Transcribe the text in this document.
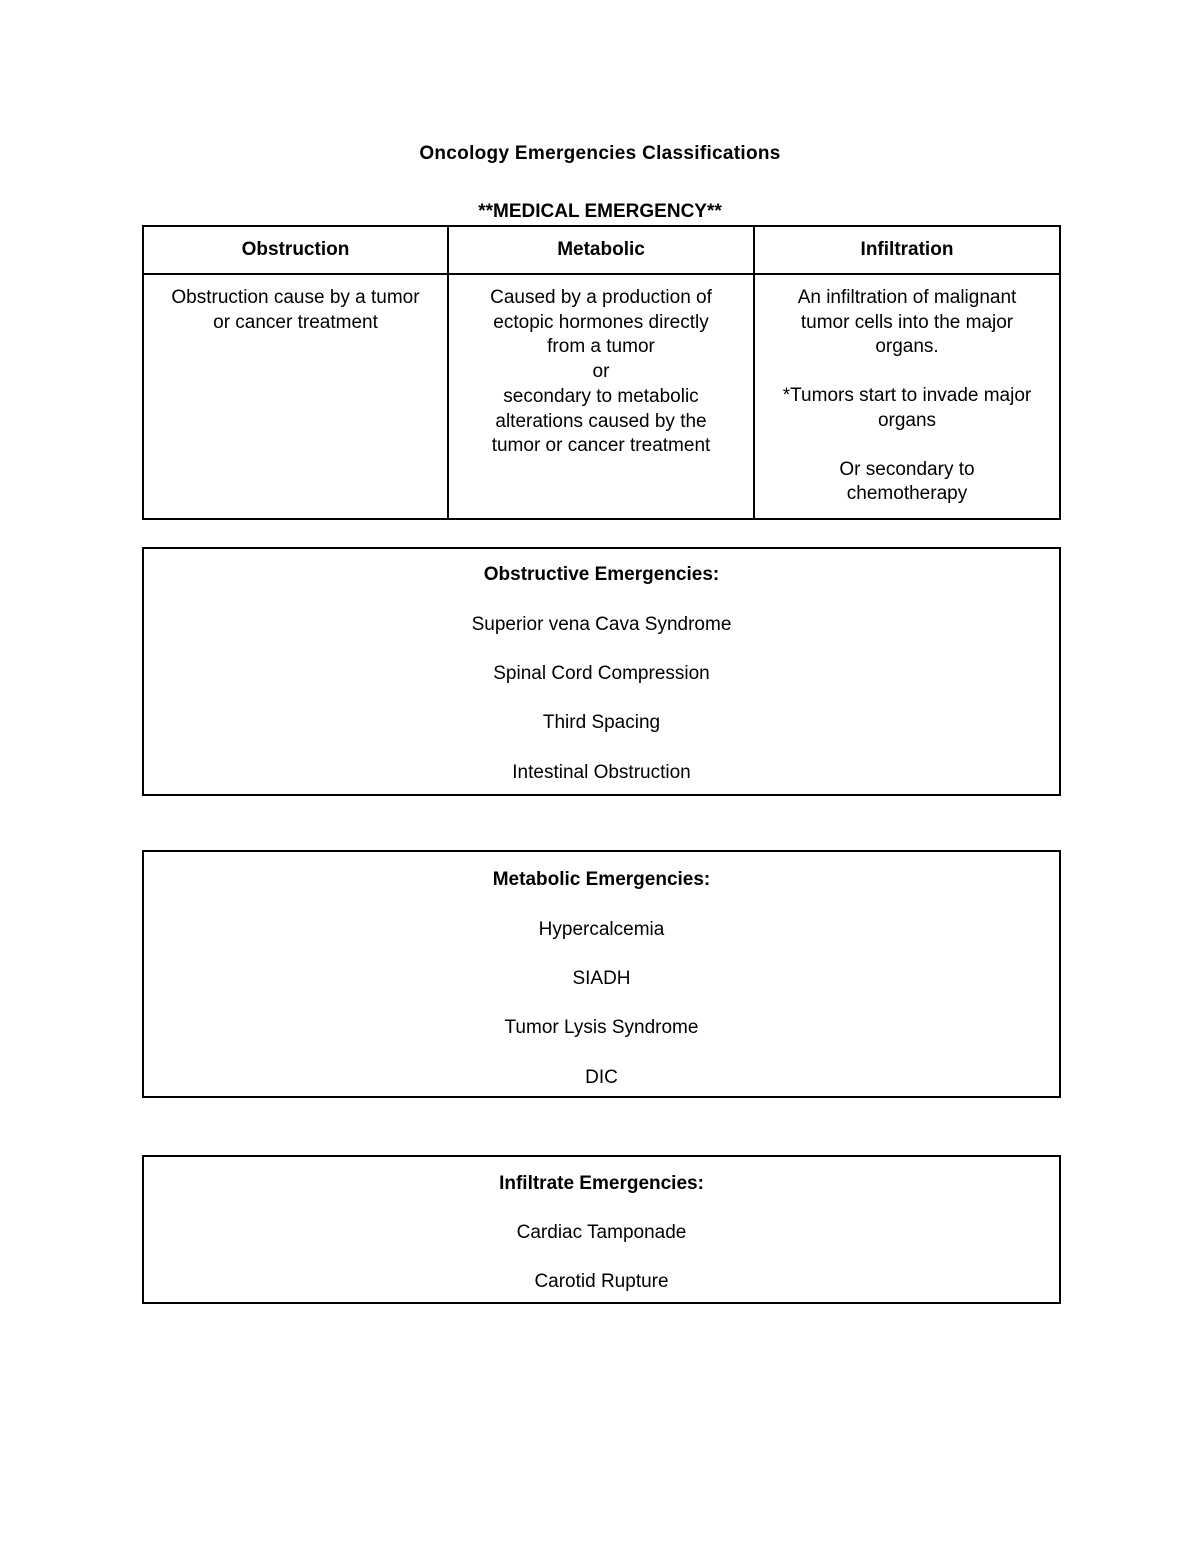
Oncology Emergencies Classifications
**MEDICAL EMERGENCY**
Obstruction	Metabolic	Infiltration

Obstruction cause by a tumor

or cancer treatment

Caused by a production of

ectopic hormones directly

from a tumor

or

secondary to metabolic

alterations caused by the

tumor or cancer treatment

An infiltration of malignant

tumor cells into the major

organs.

*Tumors start to invade major

organs

Or secondary to

chemotherapy

Obstructive Emergencies:

Superior vena Cava Syndrome

Spinal Cord Compression

Third Spacing

Intestinal Obstruction

Metabolic Emergencies:

Hypercalcemia

SIADH

Tumor Lysis Syndrome

DIC

Infiltrate Emergencies:

Cardiac Tamponade

Carotid Rupture
